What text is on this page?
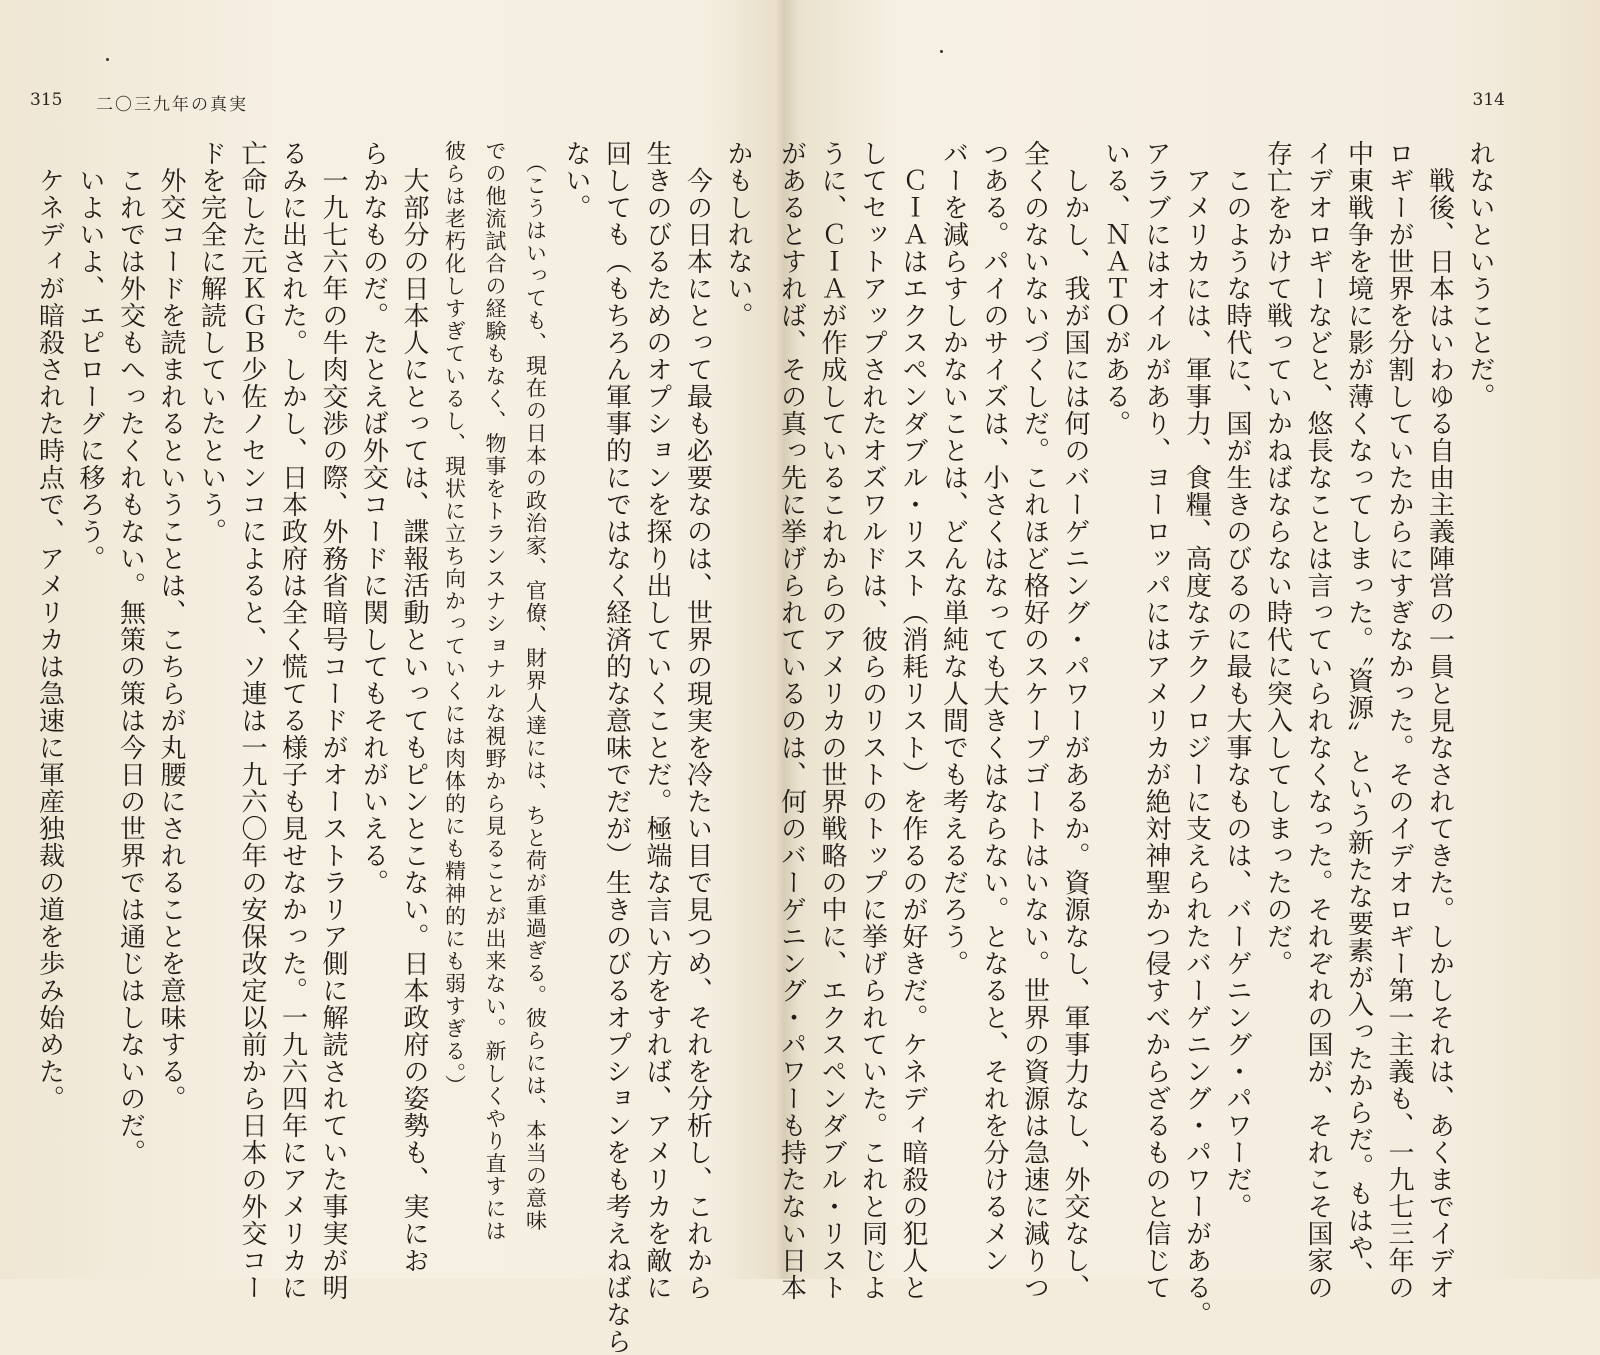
315 二〇三九年の真実
かもしれない。
　今の日本にとって最も必要なのは、世界の現実を冷たい目で見つめ、それを分析し、これから
生きのびるためのオプションを探り出していくことだ。極端な言い方をすれば、アメリカを敵に
回しても（もちろん軍事的にではなく経済的な意味でだが）生きのびるオプションをも考えねばなら
ない。
　（こうはいっても、現在の日本の政治家、官僚、財界人達には、ちと荷が重過ぎる。彼らには、本当の意味
での他流試合の経験もなく、物事をトランスナショナルな視野から見ることが出来ない。新しくやり直すには
彼らは老朽化しすぎているし、現状に立ち向かっていくには肉体的にも精神的にも弱すぎる。）
　大部分の日本人にとっては、諜報活動といってもピンとこない。日本政府の姿勢も、実にお
らかなものだ。たとえば外交コードに関してもそれがいえる。
　一九七六年の牛肉交渉の際、外務省暗号コードがオーストラリア側に解読されていた事実が明
るみに出された。しかし、日本政府は全く慌てる様子も見せなかった。一九六四年にアメリカに
亡命した元ＫＧＢ少佐ノセンコによると、ソ連は一九六〇年の安保改定以前から日本の外交コー
ドを完全に解読していたという。
　外交コードを読まれるということは、こちらが丸腰にされることを意味する。
　これでは外交もへったくれもない。無策の策は今日の世界では通じはしないのだ。
　いよいよ、エピローグに移ろう。
　ケネディが暗殺された時点で、アメリカは急速に軍産独裁の道を歩み始めた。
314
れないということだ。
　戦後、日本はいわゆる自由主義陣営の一員と見なされてきた。しかしそれは、あくまでイデオ
ロギーが世界を分割していたからにすぎなかった。そのイデオロギー第一主義も、一九七三年の
中東戦争を境に影が薄くなってしまった。〝資源〟という新たな要素が入ったからだ。もはや、
イデオロギーなどと、悠長なことは言っていられなくなった。それぞれの国が、それこそ国家の
存亡をかけて戦っていかねばならない時代に突入してしまったのだ。
　このような時代に、国が生きのびるのに最も大事なものは、バーゲニング・パワーだ。
　アメリカには、軍事力、食糧、高度なテクノロジーに支えられたバーゲニング・パワーがある。
アラブにはオイルがあり、ヨーロッパにはアメリカが絶対神聖かつ侵すべからざるものと信じて
いる、ＮＡＴＯがある。
　しかし、我が国には何のバーゲニング・パワーがあるか。資源なし、軍事力なし、外交なし、
全くのないないづくしだ。これほど格好のスケープゴートはいない。世界の資源は急速に減りつ
つある。パイのサイズは、小さくはなっても大きくはならない。となると、それを分けるメン
バーを減らすしかないことは、どんな単純な人間でも考えるだろう。
　ＣＩＡはエクスペンダブル・リスト（消耗リスト）を作るのが好きだ。ケネディ暗殺の犯人と
してセットアップされたオズワルドは、彼らのリストのトップに挙げられていた。これと同じよ
うに、ＣＩＡが作成しているこれからのアメリカの世界戦略の中に、エクスペンダブル・リスト
があるとすれば、その真っ先に挙げられているのは、何のバーゲニング・パワーも持たない日本
